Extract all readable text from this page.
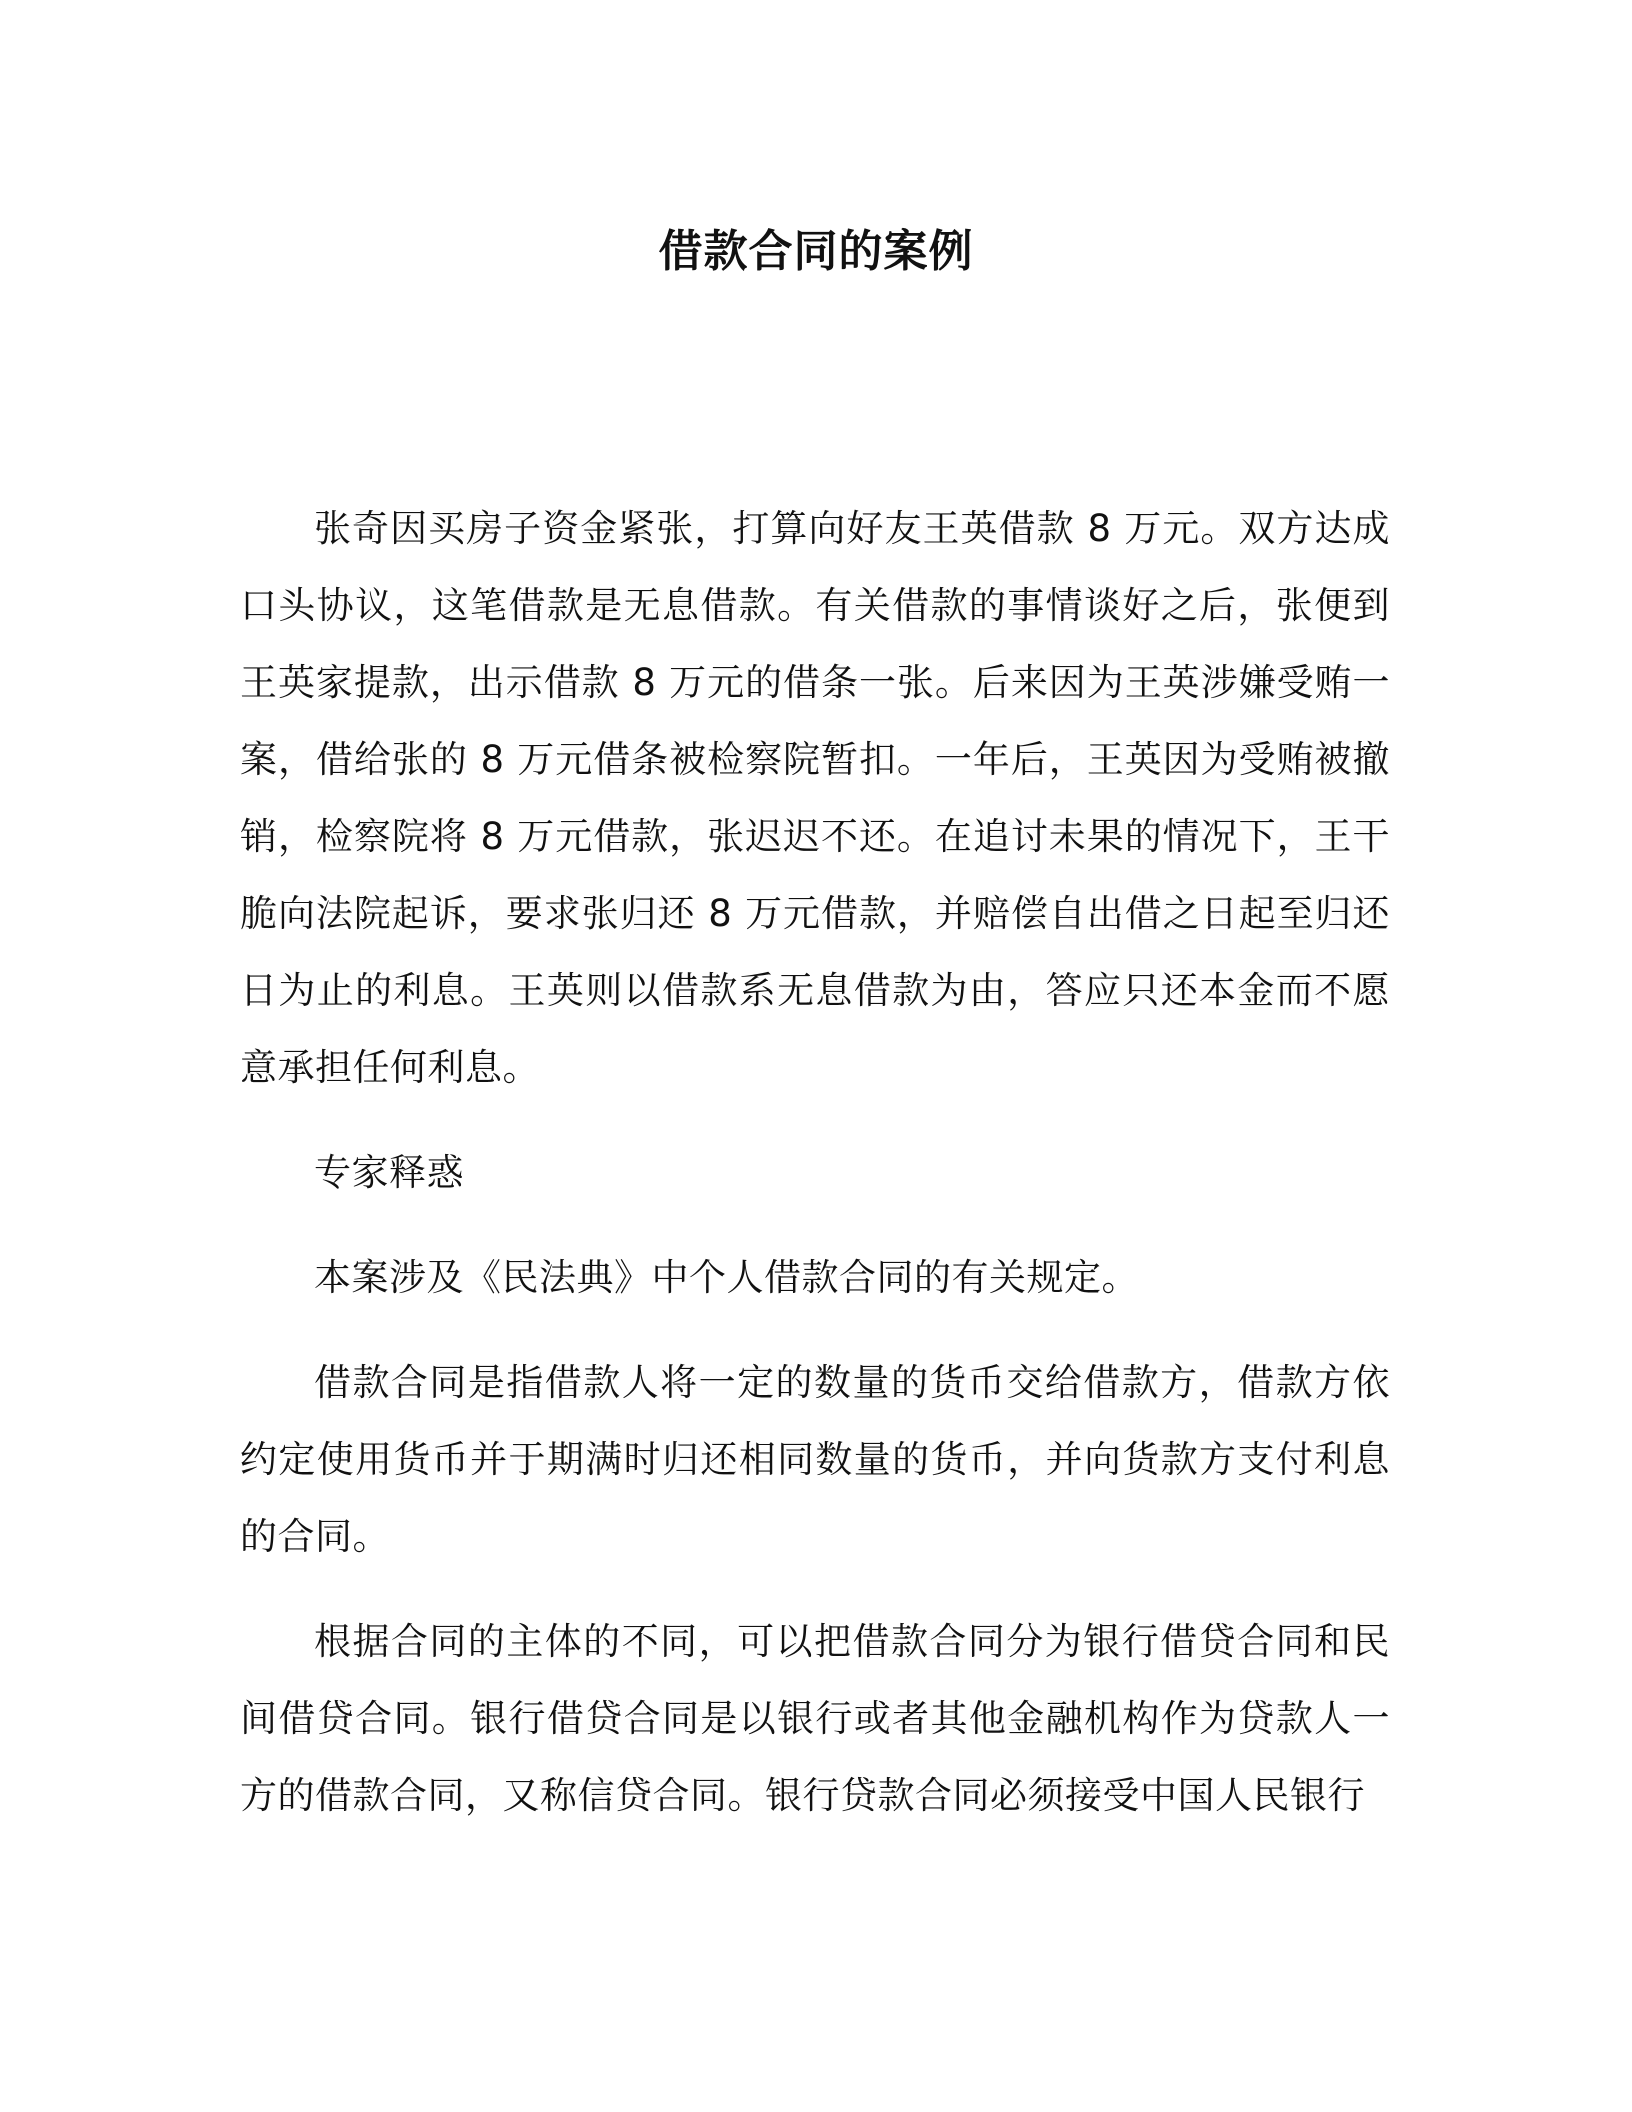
借款合同的案例

张奇因买房子资金紧张，打算向好友王英借款 8 万元。双方达成口头协议，这笔借款是无息借款。有关借款的事情谈好之后，张便到王英家提款，出示借款 8 万元的借条一张。后来因为王英涉嫌受贿一案，借给张的 8 万元借条被检察院暂扣。一年后，王英因为受贿被撤销，检察院将 8 万元借款，张迟迟不还。在追讨未果的情况下，王干脆向法院起诉，要求张归还 8 万元借款，并赔偿自出借之日起至归还日为止的利息。王英则以借款系无息借款为由，答应只还本金而不愿意承担任何利息。

专家释惑

本案涉及《民法典》中个人借款合同的有关规定。

借款合同是指借款人将一定的数量的货币交给借款方，借款方依约定使用货币并于期满时归还相同数量的货币，并向货款方支付利息的合同。

根据合同的主体的不同，可以把借款合同分为银行借贷合同和民间借贷合同。银行借贷合同是以银行或者其他金融机构作为贷款人一方的借款合同，又称信贷合同。银行贷款合同必须接受中国人民银行
